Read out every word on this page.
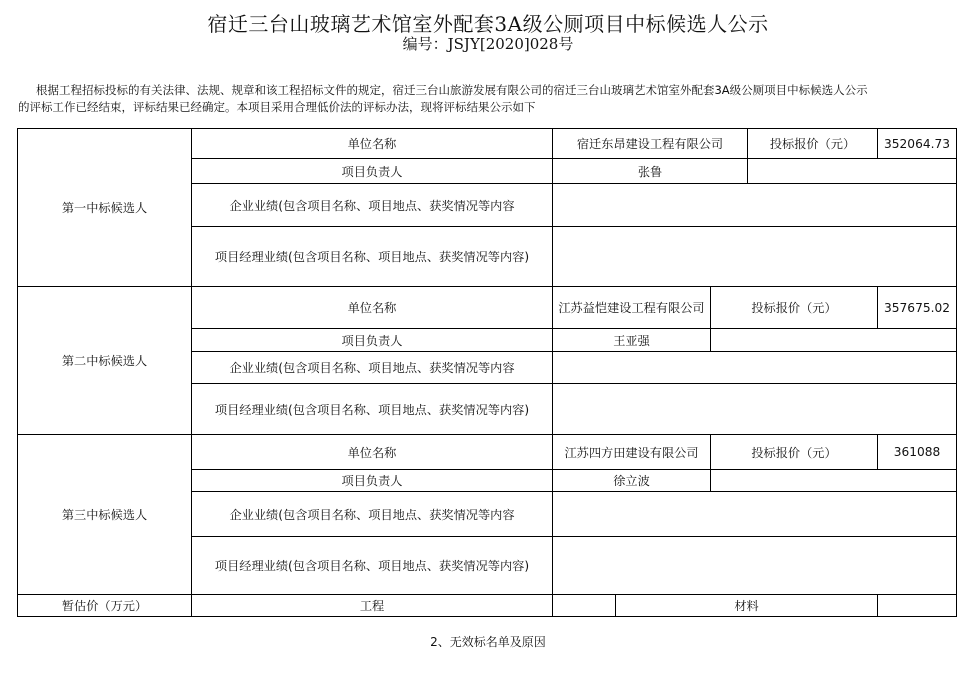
宿迁三台山玻璃艺术馆室外配套3A级公厕项目中标候选人公示
编号：JSJY[2020]028号
根据工程招标投标的有关法律、法规、规章和该工程招标文件的规定，宿迁三台山旅游发展有限公司的宿迁三台山玻璃艺术馆室外配套3A级公厕项目中标候选人公示
的评标工作已经结束，评标结果已经确定。本项目采用合理低价法的评标办法，现将评标结果公示如下
第一中标候选人	单位名称	宿迁东昂建设工程有限公司			投标报价（元）	352064.73
	项目负责人	张鲁				
	企业业绩(包含项目名称、项目地点、获奖情况等内容					
	项目经理业绩(包含项目名称、项目地点、获奖情况等内容)					

第二中标候选人	单位名称	江苏益恺建设工程有限公司		投标报价（元）		357675.02
	项目负责人	王亚强				
	企业业绩(包含项目名称、项目地点、获奖情况等内容					
	项目经理业绩(包含项目名称、项目地点、获奖情况等内容)					
第三中标候选人	单位名称	江苏四方田建设有限公司		投标报价（元）		361088
	项目负责人	徐立波				
	企业业绩(包含项目名称、项目地点、获奖情况等内容					
	项目经理业绩(包含项目名称、项目地点、获奖情况等内容)					
暂估价（万元）	工程		材料			
2、无效标名单及原因
